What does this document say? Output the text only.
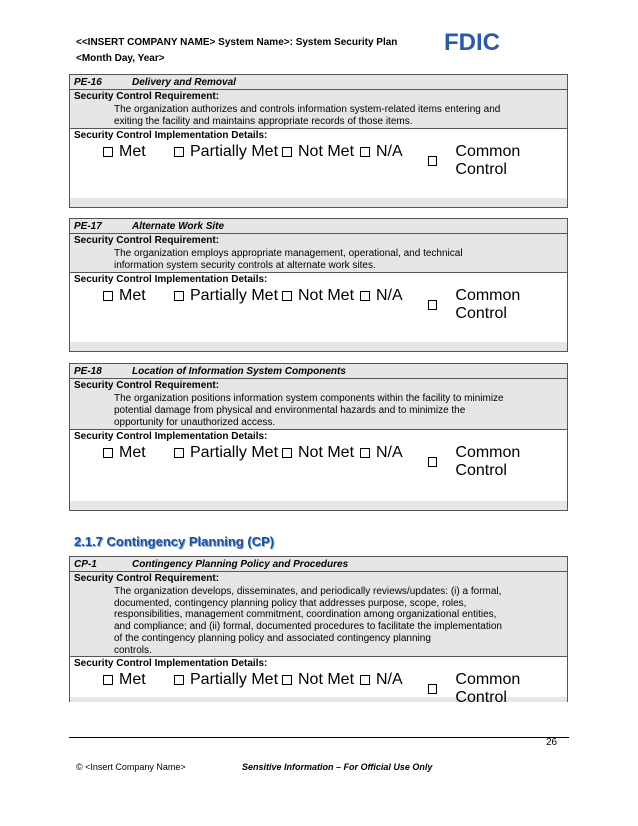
<<INSERT COMPANY NAME> System Name>: System Security Plan
<Month Day, Year>
FDIC
PE-16	Delivery and Removal
Security Control Requirement:
The organization authorizes and controls information system-related items entering and
exiting the facility and maintains appropriate records of those items.
Security Control Implementation Details:
Met	Partially Met Not Met N/A	Common Control
PE-17	Alternate Work Site
Security Control Requirement:
The organization employs appropriate management, operational, and technical
information system security controls at alternate work sites.
Security Control Implementation Details:
Met	Partially Met Not Met N/A	Common Control
PE-18	Location of Information System Components
Security Control Requirement:
The organization positions information system components within the facility to minimize
potential damage from physical and environmental hazards and to minimize the
opportunity for unauthorized access.
Security Control Implementation Details:
Met	Partially Met Not Met N/A	Common Control
2.1.7 Contingency Planning (CP)
CP-1	Contingency Planning Policy and Procedures
Security Control Requirement:
The organization develops, disseminates, and periodically reviews/updates: (i) a formal,
documented, contingency planning policy that addresses purpose, scope, roles,
responsibilities, management commitment, coordination among organizational entities,
and compliance; and (ii) formal, documented procedures to facilitate the implementation
of the contingency planning policy and associated contingency planning
controls.
Security Control Implementation Details:
Met	Partially Met Not Met N/A	Common Control
26
© <Insert Company Name>	Sensitive Information – For Official Use Only
